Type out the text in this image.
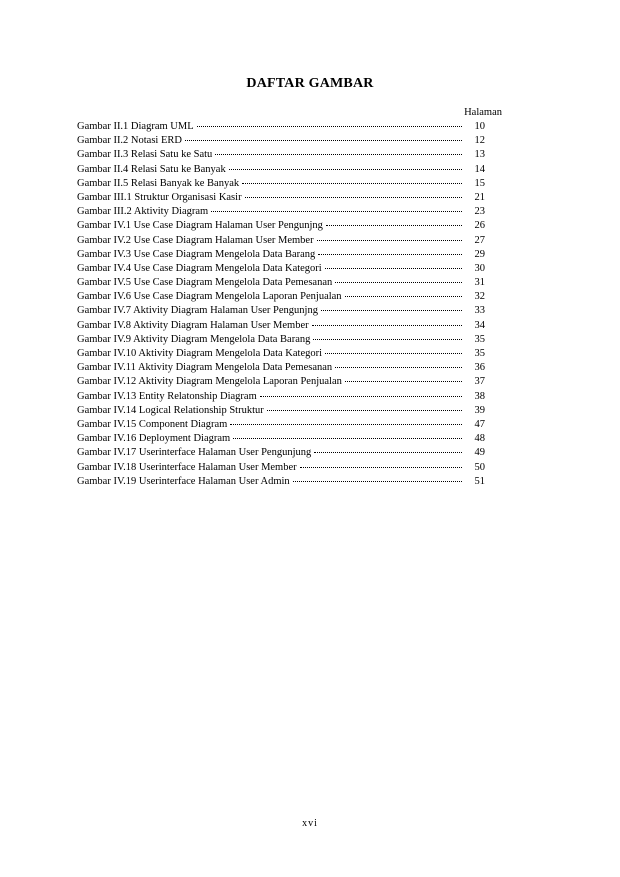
DAFTAR GAMBAR
Halaman
Gambar II.1 Diagram UML	10
Gambar II.2 Notasi ERD	12
Gambar II.3 Relasi Satu ke Satu	13
Gambar II.4 Relasi Satu ke Banyak	14
Gambar II.5 Relasi Banyak ke Banyak	15
Gambar III.1 Struktur Organisasi Kasir	21
Gambar III.2 Aktivity Diagram	23
Gambar IV.1 Use Case Diagram Halaman User Pengunjng	26
Gambar IV.2 Use Case Diagram Halaman User Member	27
Gambar IV.3 Use Case Diagram Mengelola Data Barang	29
Gambar IV.4 Use Case Diagram Mengelola Data Kategori	30
Gambar IV.5 Use Case Diagram Mengelola Data Pemesanan	31
Gambar IV.6 Use Case Diagram Mengelola Laporan Penjualan	32
Gambar IV.7 Aktivity Diagram Halaman User Pengunjng	33
Gambar IV.8 Aktivity Diagram Halaman User Member	34
Gambar IV.9 Aktivity Diagram Mengelola Data Barang	35
Gambar IV.10 Aktivity Diagram Mengelola Data Kategori	35
Gambar IV.11 Aktivity Diagram Mengelola Data Pemesanan	36
Gambar IV.12 Aktivity Diagram Mengelola Laporan Penjualan	37
Gambar IV.13 Entity Relatonship Diagram	38
Gambar IV.14 Logical Relationship Struktur	39
Gambar IV.15 Component Diagram	47
Gambar IV.16 Deployment Diagram	48
Gambar IV.17 Userinterface Halaman User Pengunjung	49
Gambar IV.18 Userinterface Halaman User Member	50
Gambar IV.19 Userinterface Halaman User Admin	51
xvi
